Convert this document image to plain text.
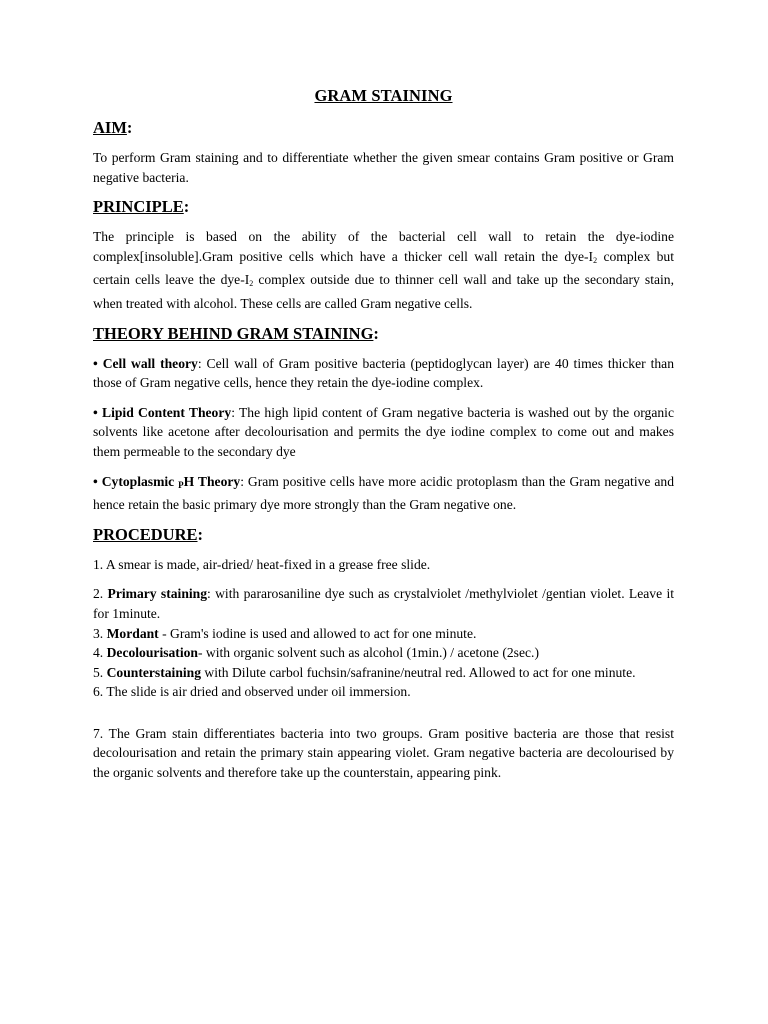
GRAM STAINING
AIM:

To perform Gram staining and to differentiate whether the given smear contains Gram positive or Gram negative bacteria.

PRINCIPLE:

The principle is based on the ability of the bacterial cell wall to retain the dye-iodine complex[insoluble].Gram positive cells which have a thicker cell wall retain the dye-$I_2$ complex but certain cells leave the dye-$I_2$ complex outside due to thinner cell wall and take up the secondary stain, when treated with alcohol. These cells are called Gram negative cells.

THEORY BEHIND GRAM STAINING:

• Cell wall theory: Cell wall of Gram positive bacteria (peptidoglycan layer) are 40 times thicker than those of Gram negative cells, hence they retain the dye-iodine complex.

• Lipid Content Theory: The high lipid content of Gram negative bacteria is washed out by the organic solvents like acetone after decolourisation and permits the dye iodine complex to come out and makes them permeable to the secondary dye

• Cytoplasmic PH Theory: Gram positive cells have more acidic protoplasm than the Gram negative and hence retain the basic primary dye more strongly than the Gram negative one.

PROCEDURE:

1. A smear is made, air-dried/ heat-fixed in a grease free slide.

2. Primary staining: with pararosaniline dye such as crystalviolet /methylviolet /gentian violet. Leave it for 1minute.
3. Mordant - Gram's iodine is used and allowed to act for one minute.
4. Decolourisation- with organic solvent such as alcohol (1min.) / acetone (2sec.)
5. Counterstaining with Dilute carbol fuchsin/safranine/neutral red. Allowed to act for one minute.
6. The slide is air dried and observed under oil immersion.

7. The Gram stain differentiates bacteria into two groups. Gram positive bacteria are those that resist decolourisation and retain the primary stain appearing violet. Gram negative bacteria are decolourised by the organic solvents and therefore take up the counterstain, appearing pink.
